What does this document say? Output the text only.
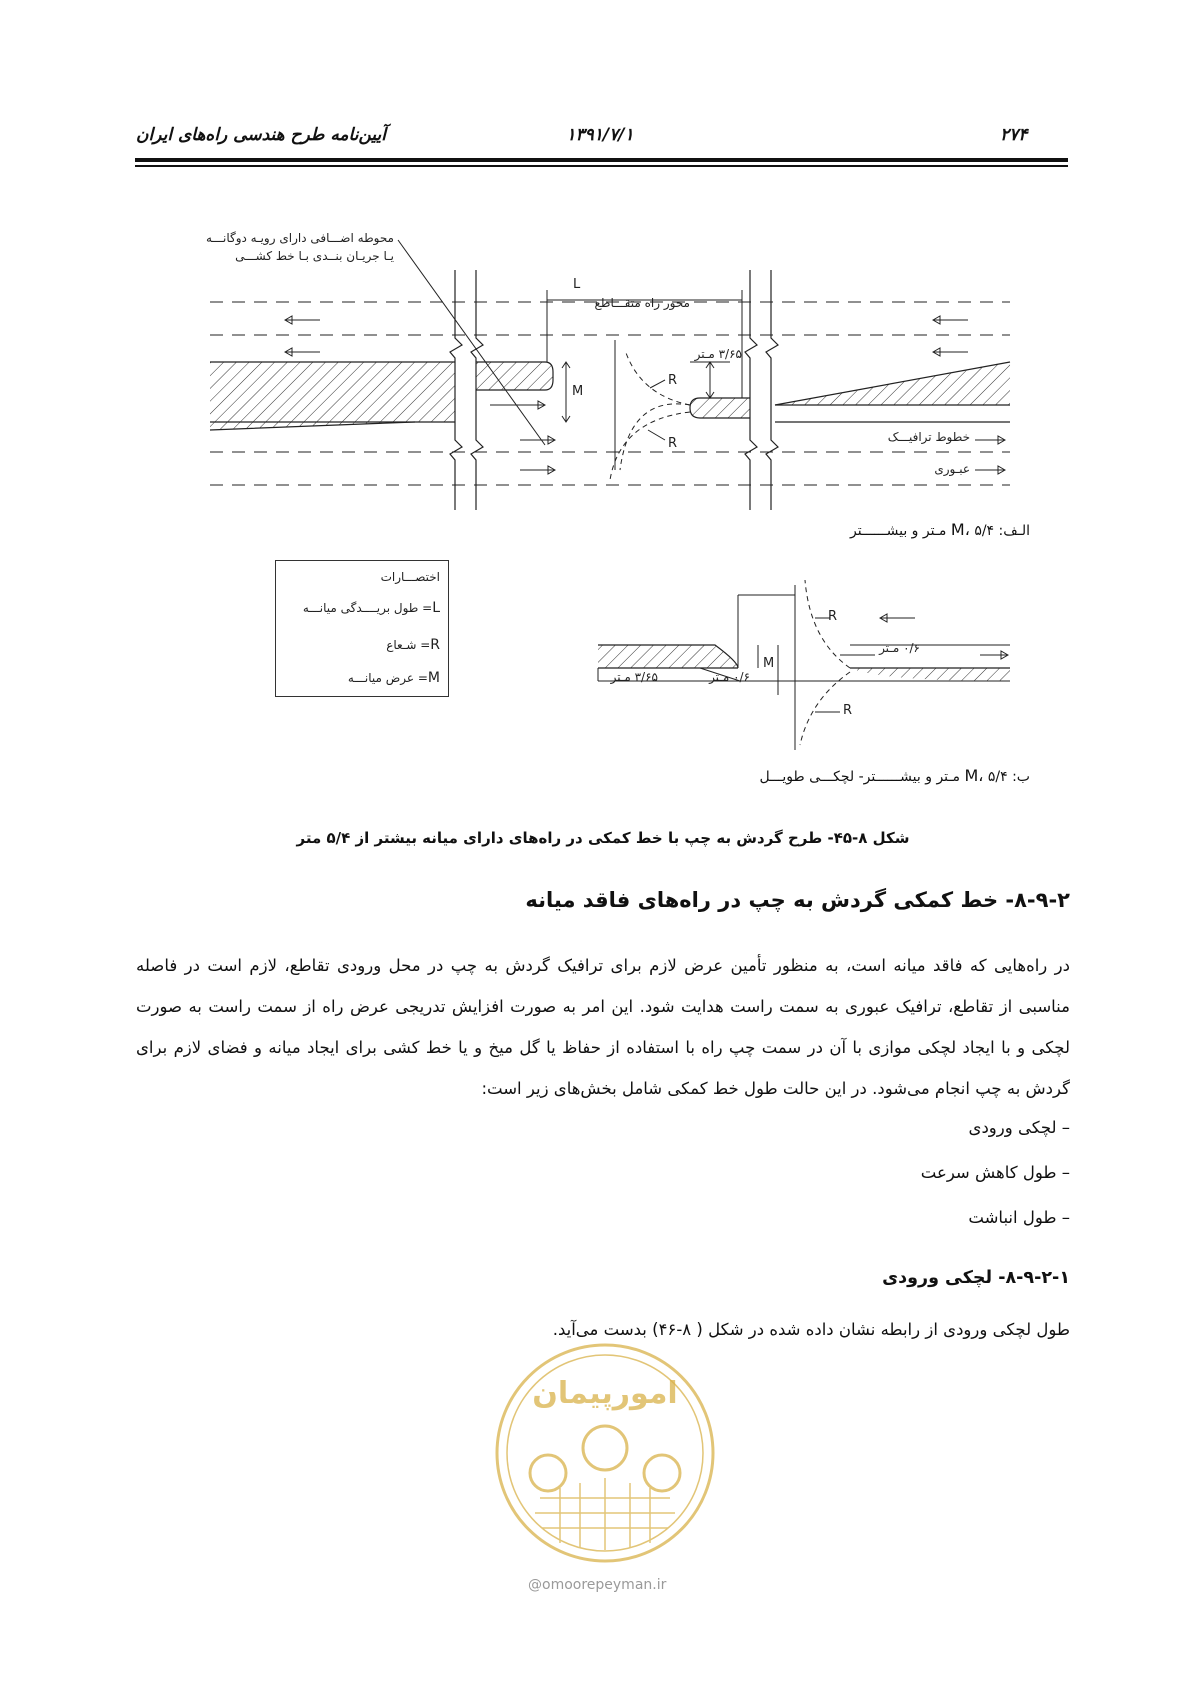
۲۷۴
۱۳۹۱/۷/۱
آیین‌نامه طرح هندسی راه‌های ایران
محوطه اضـــافی دارای رویـه دوگانـــه
یـا جریـان بنــدی بـا خط کشـــی
L
محور راه متقـــاطع
۳/۶۵ مـتر
R
R
M
خطوط ترافیـــک
عبـوری
الـف: M، ۵/۴ مـتر و بیشــــــتر
اختصـــارات
L= طول بریــــدگی میانـــه
R= شـعاع
M= عرض میانـــه
R
R
۰/۶ مـتر
۰/۶ مـتر
۳/۶۵ مـتر
M
ب: M، ۵/۴ مـتر و بیشــــــتر- لچکـــی طویـــل
شکل ۸-۴۵- طرح گردش به چپ با خط کمکی در راه‌های دارای میانه بیشتر از ۵/۴ متر
۸-۹-۲- خط کمکی گردش به چپ در راه‌های فاقد میانه
در راه‌هایی که فاقد میانه است، به منظور تأمین عرض لازم برای ترافیک گردش به چپ در محل ورودی تقاطع، لازم است در فاصله مناسبی از تقاطع، ترافیک عبوری به سمت راست هدایت شود. این امر به صورت افزایش تدریجی عرض راه از سمت راست به صورت لچکی و با ایجاد لچکی موازی با آن در سمت چپ راه با استفاده از حفاظ یا گل میخ و یا خط کشی برای ایجاد میانه و فضای لازم برای گردش به چپ انجام می‌شود. در این حالت طول خط کمکی شامل بخش‌های زیر است:
– لچکی ورودی
– طول کاهش سرعت
– طول انباشت
۸-۹-۲-۱- لچکی ورودی
طول لچکی ورودی از رابطه نشان داده شده در شکل ( ۸-۴۶) بدست می‌آید.
امورپیمان
@omoorepeyman.ir
